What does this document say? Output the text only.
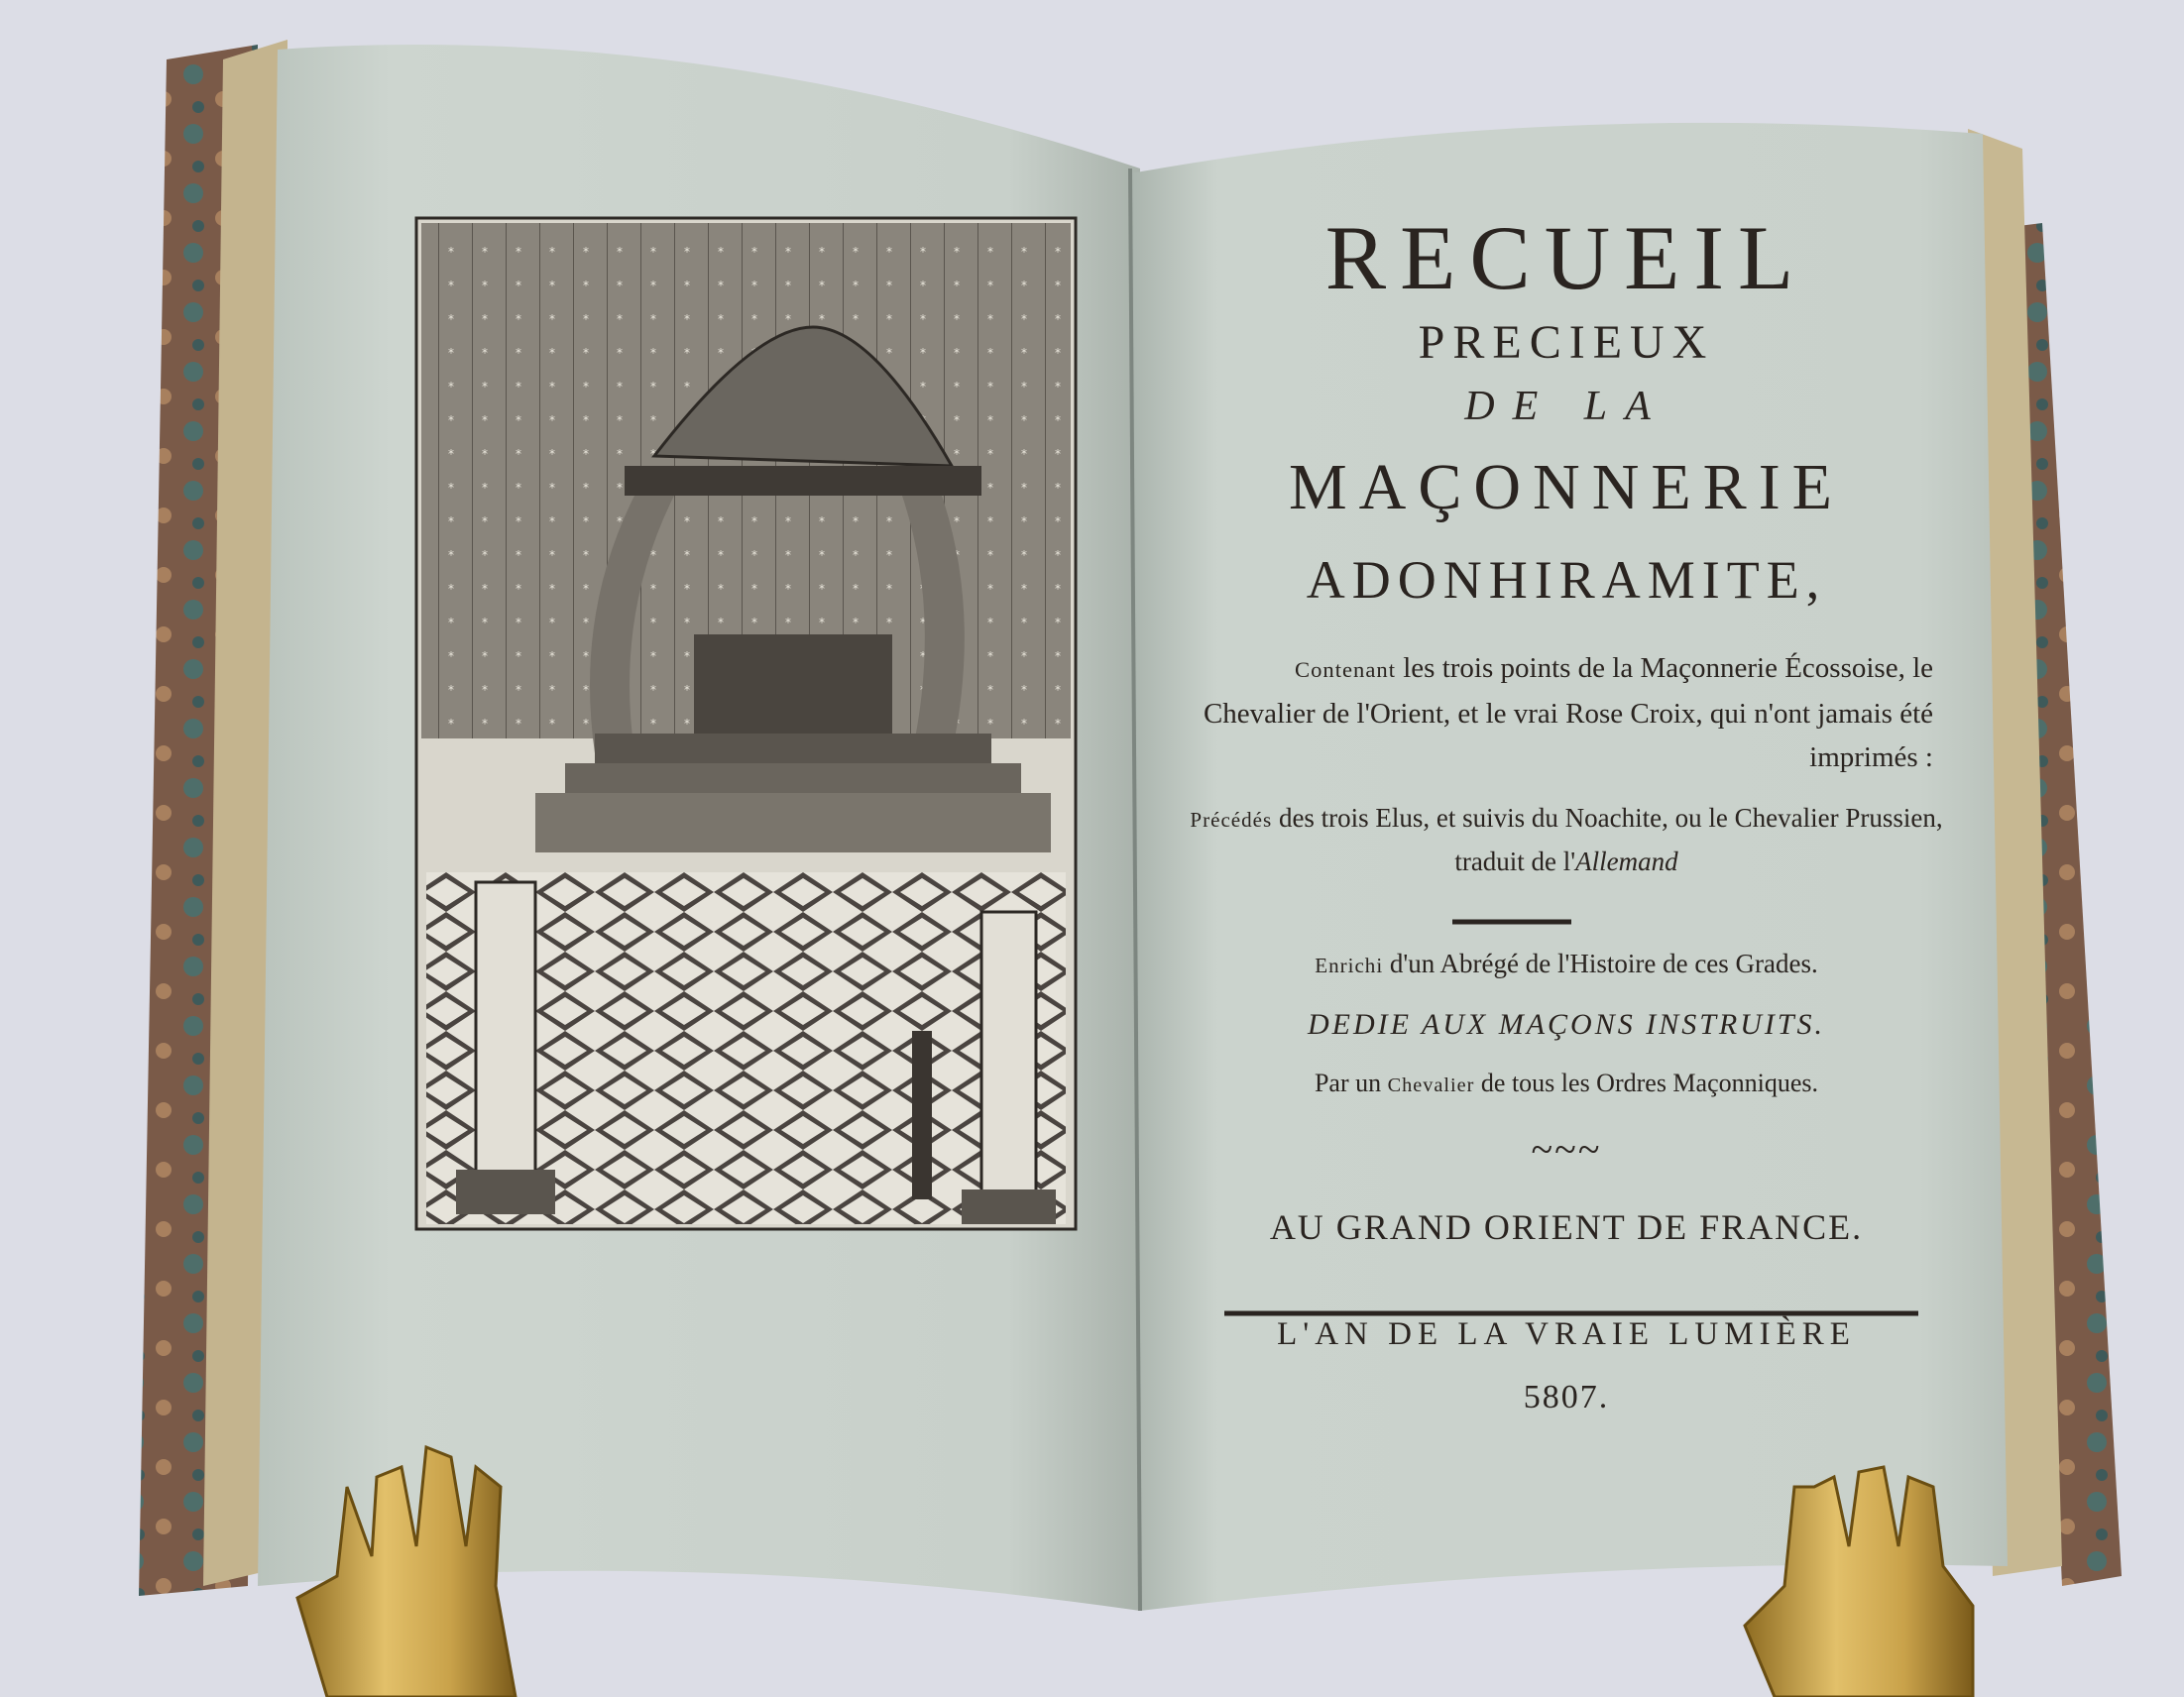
RECUEIL
PRECIEUX
DE LA
MAÇONNERIE
ADONHIRAMITE,
Contenant les trois points de la Maçonnerie Écossoise, le Chevalier de l'Orient, et le vrai Rose Croix, qui n'ont jamais été imprimés :
Précédés des trois Elus, et suivis du Noachite, ou le Chevalier Prussien, traduit de l'Allemand
Enrichi d'un Abrégé de l'Histoire de ces Grades.
DEDIE AUX MAÇONS INSTRUITS.
Par un Chevalier de tous les Ordres Maçonniques.
~~~
AU GRAND ORIENT DE FRANCE.
L'AN DE LA VRAIE LUMIÈRE
5807.
